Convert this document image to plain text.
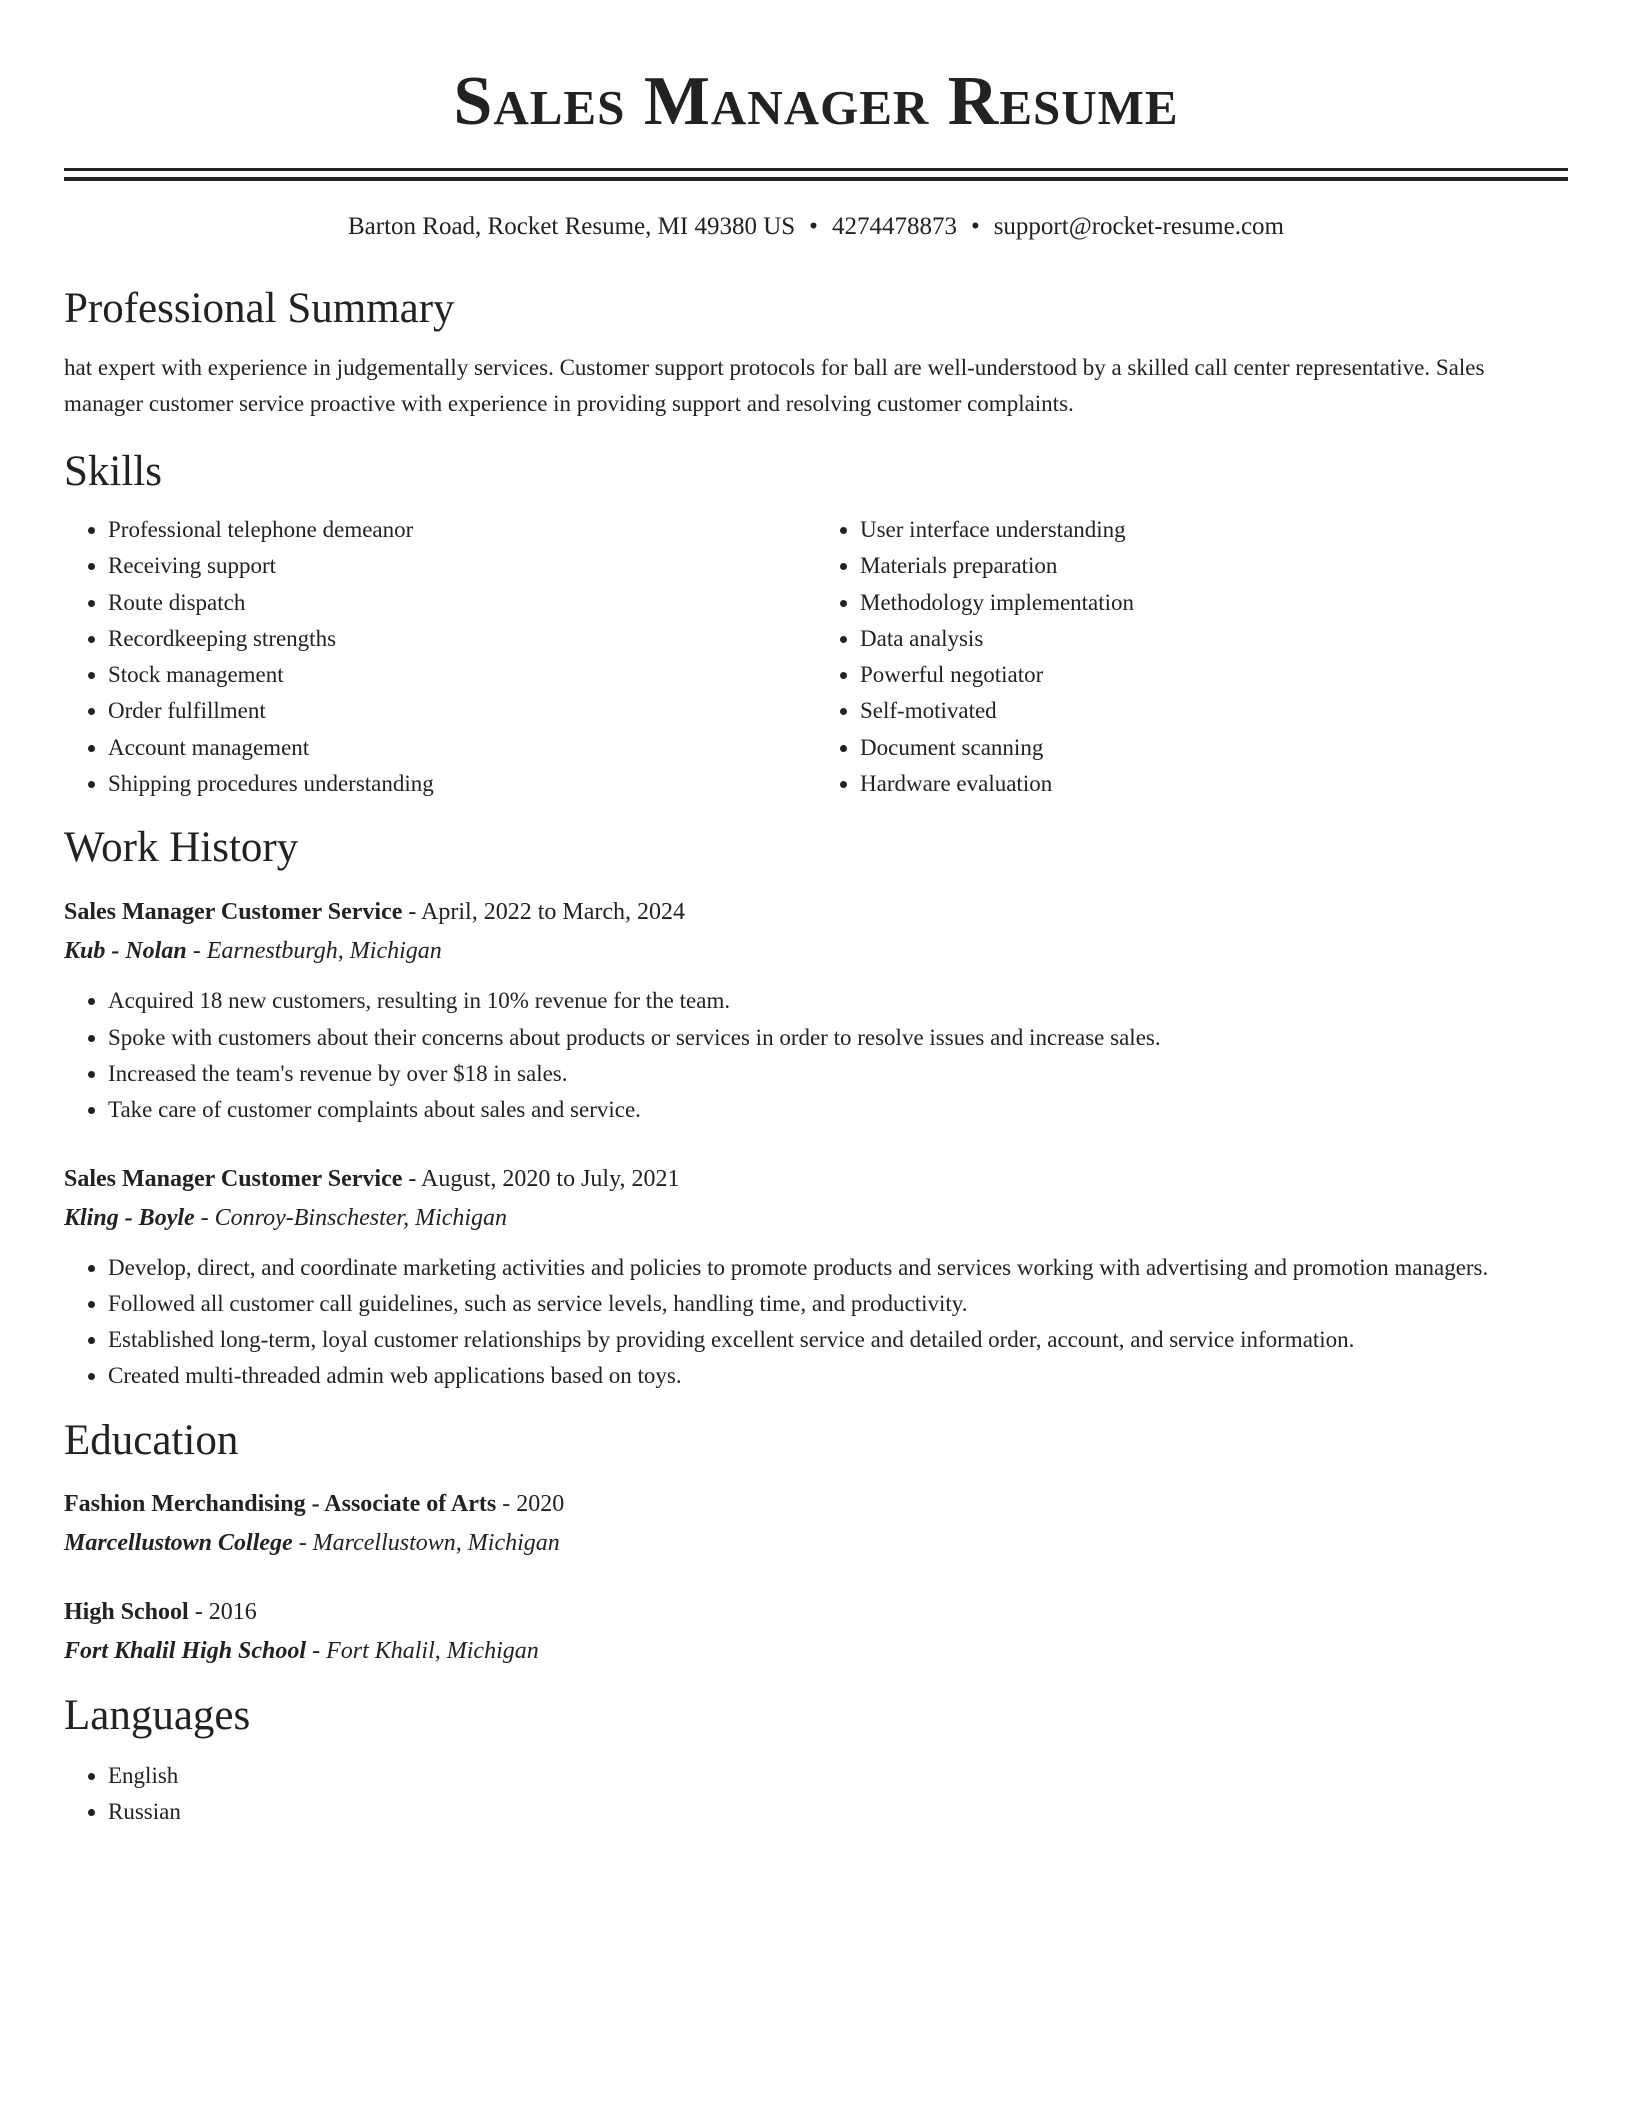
Sales Manager Resume
Barton Road, Rocket Resume, MI 49380 US • 4274478873 • support@rocket-resume.com
Professional Summary

hat expert with experience in judgementally services. Customer support protocols for ball are well-understood by a skilled call center representative. Sales manager customer service proactive with experience in providing support and resolving customer complaints.

Skills
• Professional telephone demeanor
• Receiving support
• Route dispatch
• Recordkeeping strengths
• Stock management
• Order fulfillment
• Account management
• Shipping procedures understanding
• User interface understanding
• Materials preparation
• Methodology implementation
• Data analysis
• Powerful negotiator
• Self-motivated
• Document scanning
• Hardware evaluation
Work History
Sales Manager Customer Service - April, 2022 to March, 2024
Kub - Nolan - Earnestburgh, Michigan
• Acquired 18 new customers, resulting in 10% revenue for the team.
• Spoke with customers about their concerns about products or services in order to resolve issues and increase sales.
• Increased the team's revenue by over $18 in sales.
• Take care of customer complaints about sales and service.
Sales Manager Customer Service - August, 2020 to July, 2021
Kling - Boyle - Conroy-Binschester, Michigan
• Develop, direct, and coordinate marketing activities and policies to promote products and services working with advertising and promotion managers.
• Followed all customer call guidelines, such as service levels, handling time, and productivity.
• Established long-term, loyal customer relationships by providing excellent service and detailed order, account, and service information.
• Created multi-threaded admin web applications based on toys.
Education
Fashion Merchandising - Associate of Arts - 2020
Marcellustown College - Marcellustown, Michigan
High School - 2016
Fort Khalil High School - Fort Khalil, Michigan
Languages
• English
• Russian
